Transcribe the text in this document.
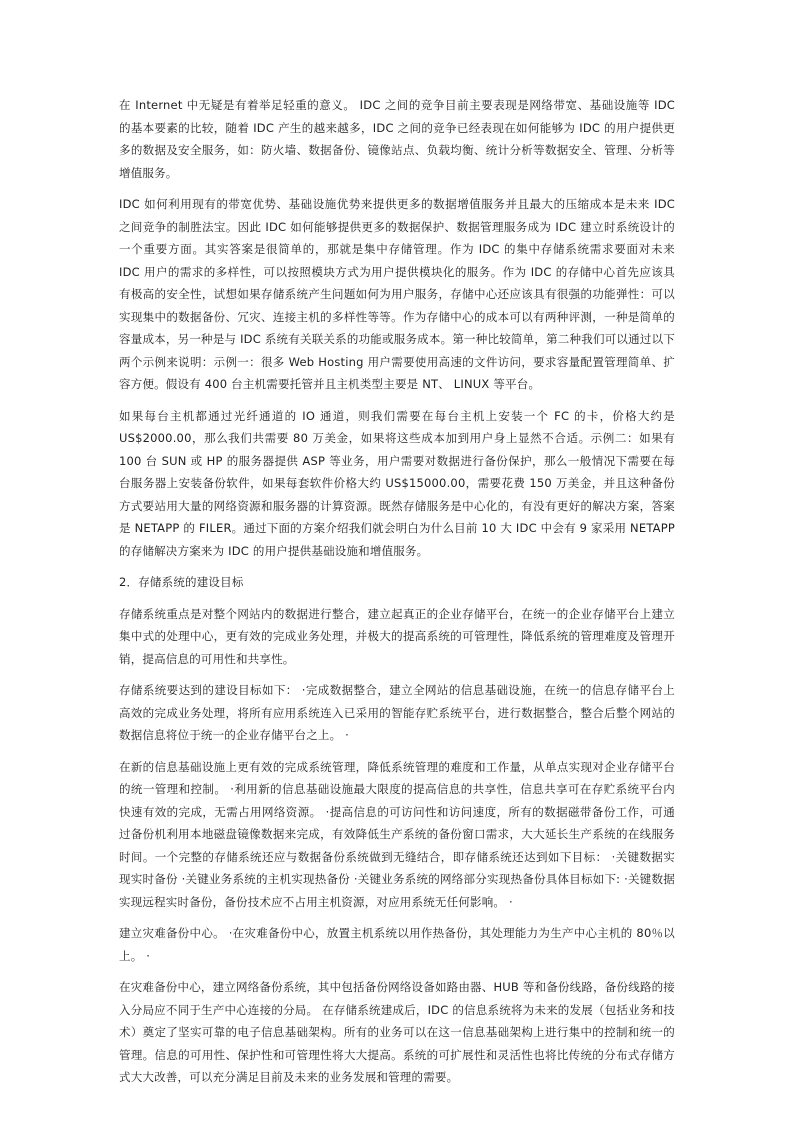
在 Internet 中无疑是有着举足轻重的意义。 IDC 之间的竞争目前主要表现是网络带宽、基础设施等 IDC 的基本要素的比较，随着 IDC 产生的越来越多，IDC 之间的竞争已经表现在如何能够为 IDC 的用户提供更多的数据及安全服务，如：防火墙、数据备份、镜像站点、负载均衡、统计分析等数据安全、管理、分析等增值服务。

IDC 如何利用现有的带宽优势、基础设施优势来提供更多的数据增值服务并且最大的压缩成本是未来 IDC 之间竞争的制胜法宝。因此 IDC 如何能够提供更多的数据保护、数据管理服务成为 IDC 建立时系统设计的一个重要方面。其实答案是很简单的，那就是集中存储管理。作为 IDC 的集中存储系统需求要面对未来 IDC 用户的需求的多样性，可以按照模块方式为用户提供模块化的服务。作为 IDC 的存储中心首先应该具有极高的安全性，试想如果存储系统产生问题如何为用户服务，存储中心还应该具有很强的功能弹性：可以实现集中的数据备份、冗灾、连接主机的多样性等等。作为存储中心的成本可以有两种评测，一种是简单的容量成本，另一种是与 IDC 系统有关联关系的功能或服务成本。第一种比较简单，第二种我们可以通过以下两个示例来说明：示例一：很多 Web Hosting 用户需要使用高速的文件访问，要求容量配置管理简单、扩容方便。假设有 400 台主机需要托管并且主机类型主要是 NT、 LINUX 等平台。

如果每台主机都通过光纤通道的 IO 通道，则我们需要在每台主机上安装一个 FC 的卡，价格大约是 US$2000.00，那么我们共需要 80 万美金，如果将这些成本加到用户身上显然不合适。示例二：如果有 100 台 SUN 或 HP 的服务器提供 ASP 等业务，用户需要对数据进行备份保护，那么一般情况下需要在每台服务器上安装备份软件，如果每套软件价格大约 US$15000.00，需要花费 150 万美金，并且这种备份方式要站用大量的网络资源和服务器的计算资源。既然存储服务是中心化的，有没有更好的解决方案，答案是 NETAPP 的 FILER。通过下面的方案介绍我们就会明白为什么目前 10 大 IDC 中会有 9 家采用 NETAPP 的存储解决方案来为 IDC 的用户提供基础设施和增值服务。

2．存储系统的建设目标

存储系统重点是对整个网站内的数据进行整合，建立起真正的企业存储平台，在统一的企业存储平台上建立集中式的处理中心，更有效的完成业务处理，并极大的提高系统的可管理性，降低系统的管理难度及管理开销，提高信息的可用性和共享性。

存储系统要达到的建设目标如下： ·完成数据整合，建立全网站的信息基础设施，在统一的信息存储平台上高效的完成业务处理，将所有应用系统连入已采用的智能存贮系统平台，进行数据整合，整合后整个网站的数据信息将位于统一的企业存储平台之上。 ·

在新的信息基础设施上更有效的完成系统管理，降低系统管理的难度和工作量，从单点实现对企业存储平台的统一管理和控制。 ·利用新的信息基础设施最大限度的提高信息的共享性，信息共享可在存贮系统平台内快速有效的完成，无需占用网络资源。 ·提高信息的可访问性和访问速度，所有的数据磁带备份工作，可通过备份机利用本地磁盘镜像数据来完成，有效降低生产系统的备份窗口需求，大大延长生产系统的在线服务时间。一个完整的存储系统还应与数据备份系统做到无缝结合，即存储系统还达到如下目标： ·关键数据实现实时备份 ·关键业务系统的主机实现热备份 ·关键业务系统的网络部分实现热备份具体目标如下: ·关键数据实现远程实时备份，备份技术应不占用主机资源，对应用系统无任何影响。 ·

建立灾难备份中心。 ·在灾难备份中心，放置主机系统以用作热备份，其处理能力为生产中心主机的 80％以上。 ·

在灾难备份中心，建立网络备份系统，其中包括备份网络设备如路由器、HUB 等和备份线路，备份线路的接入分局应不同于生产中心连接的分局。 在存储系统建成后，IDC 的信息系统将为未来的发展（包括业务和技术）奠定了坚实可靠的电子信息基础架构。所有的业务可以在这一信息基础架构上进行集中的控制和统一的管理。信息的可用性、保护性和可管理性将大大提高。系统的可扩展性和灵活性也将比传统的分布式存储方式大大改善，可以充分满足目前及未来的业务发展和管理的需要。
